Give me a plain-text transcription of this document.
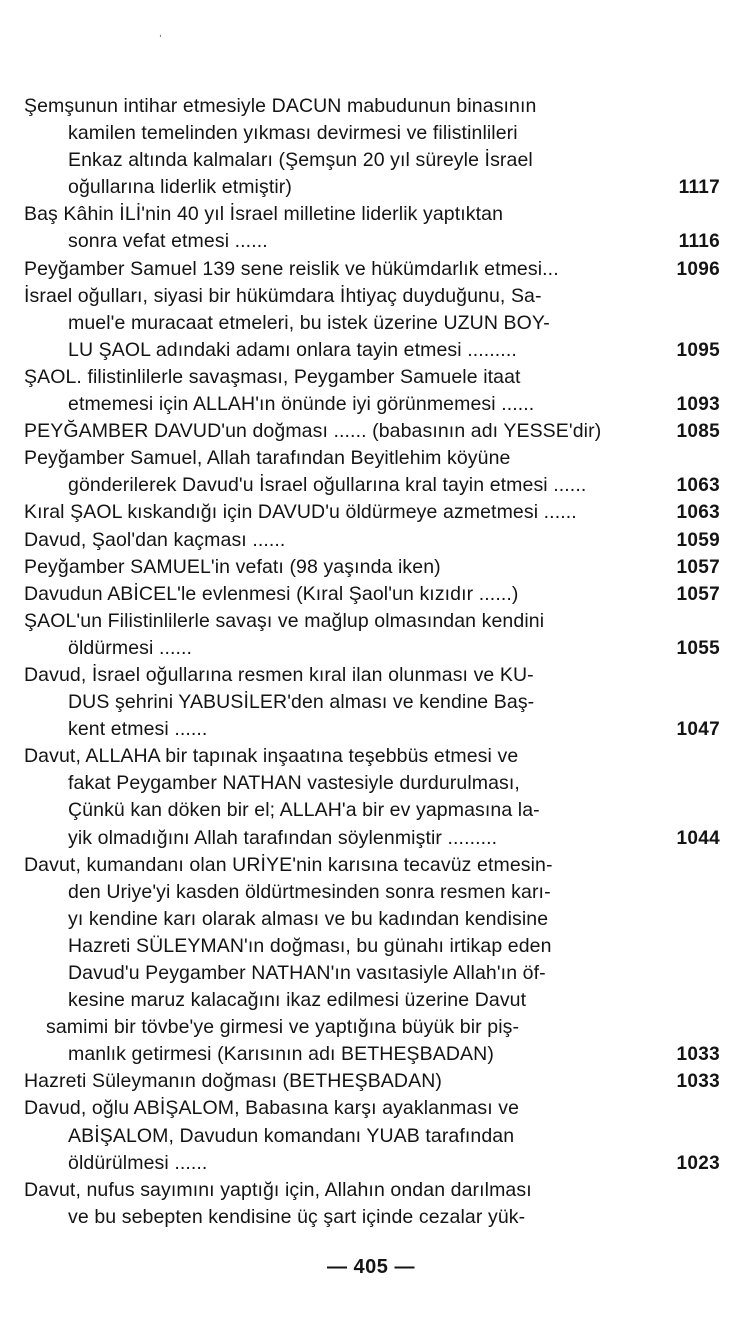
Şemşunun intihar etmesiyle DACUN mabudunun binasının
kamilen temelinden yıkması devirmesi ve filistinlileri
Enkaz altında kalmaları (Şemşun 20 yıl süreyle İsrael
oğullarına liderlik etmiştir)	1117
Baş Kâhin İLİ'nin 40 yıl İsrael milletine liderlik yaptıktan
sonra vefat etmesi ......	1116
Peyğamber Samuel 139 sene reislik ve hükümdarlık etmesi...	1096
İsrael oğulları, siyasi bir hükümdara İhtiyaç duyduğunu, Sa-
muel'e muracaat etmeleri, bu istek üzerine UZUN BOY-
LU ŞAOL adındaki adamı onlara tayin etmesi .........	1095
ŞAOL. filistinlilerle savaşması, Peygamber Samuele itaat
etmemesi için ALLAH'ın önünde iyi görünmemesi ......	1093
PEYĞAMBER DAVUD'un doğması ...... (babasının adı YESSE'dir)	1085
Peyğamber Samuel, Allah tarafından Beyitlehim köyüne
gönderilerek Davud'u İsrael oğullarına kral tayin etmesi ......	1063
Kıral ŞAOL kıskandığı için DAVUD'u öldürmeye azmetmesi ......	1063
Davud, Şaol'dan kaçması ......	1059
Peyğamber SAMUEL'in vefatı (98 yaşında iken)	1057
Davudun ABİCEL'le evlenmesi (Kıral Şaol'un kızıdır ......)	1057
ŞAOL'un Filistinlilerle savaşı ve mağlup olmasından kendini
öldürmesi ......	1055
Davud, İsrael oğullarına resmen kıral ilan olunması ve KU-
DUS şehrini YABUSİLER'den alması ve kendine Baş-
kent etmesi ......	1047
Davut, ALLAHA bir tapınak inşaatına teşebbüs etmesi ve
fakat Peygamber NATHAN vastesiyle durdurulması,
Çünkü kan döken bir el; ALLAH'a bir ev yapmasına la-
yik olmadığını Allah tarafından söylenmiştir .........	1044
Davut, kumandanı olan URİYE'nin karısına tecavüz etmesin-
den Uriye'yi kasden öldürtmesinden sonra resmen karı-
yı kendine karı olarak alması ve bu kadından kendisine
Hazreti SÜLEYMAN'ın doğması, bu günahı irtikap eden
Davud'u Peygamber NATHAN'ın vasıtasiyle Allah'ın öf-
kesine maruz kalacağını ikaz edilmesi üzerine Davut
samimi bir tövbe'ye girmesi ve yaptığına büyük bir piş-
manlık getirmesi (Karısının adı BETHEŞBADAN)	1033
Hazreti Süleymanın doğması (BETHEŞBADAN)	1033
Davud, oğlu ABİŞALOM, Babasına karşı ayaklanması ve
ABİŞALOM, Davudun komandanı YUAB tarafından
öldürülmesi ......	1023
Davut, nufus sayımını yaptığı için, Allahın ondan darılması
ve bu sebepten kendisine üç şart içinde cezalar yük-
— 405 —
ˈ
